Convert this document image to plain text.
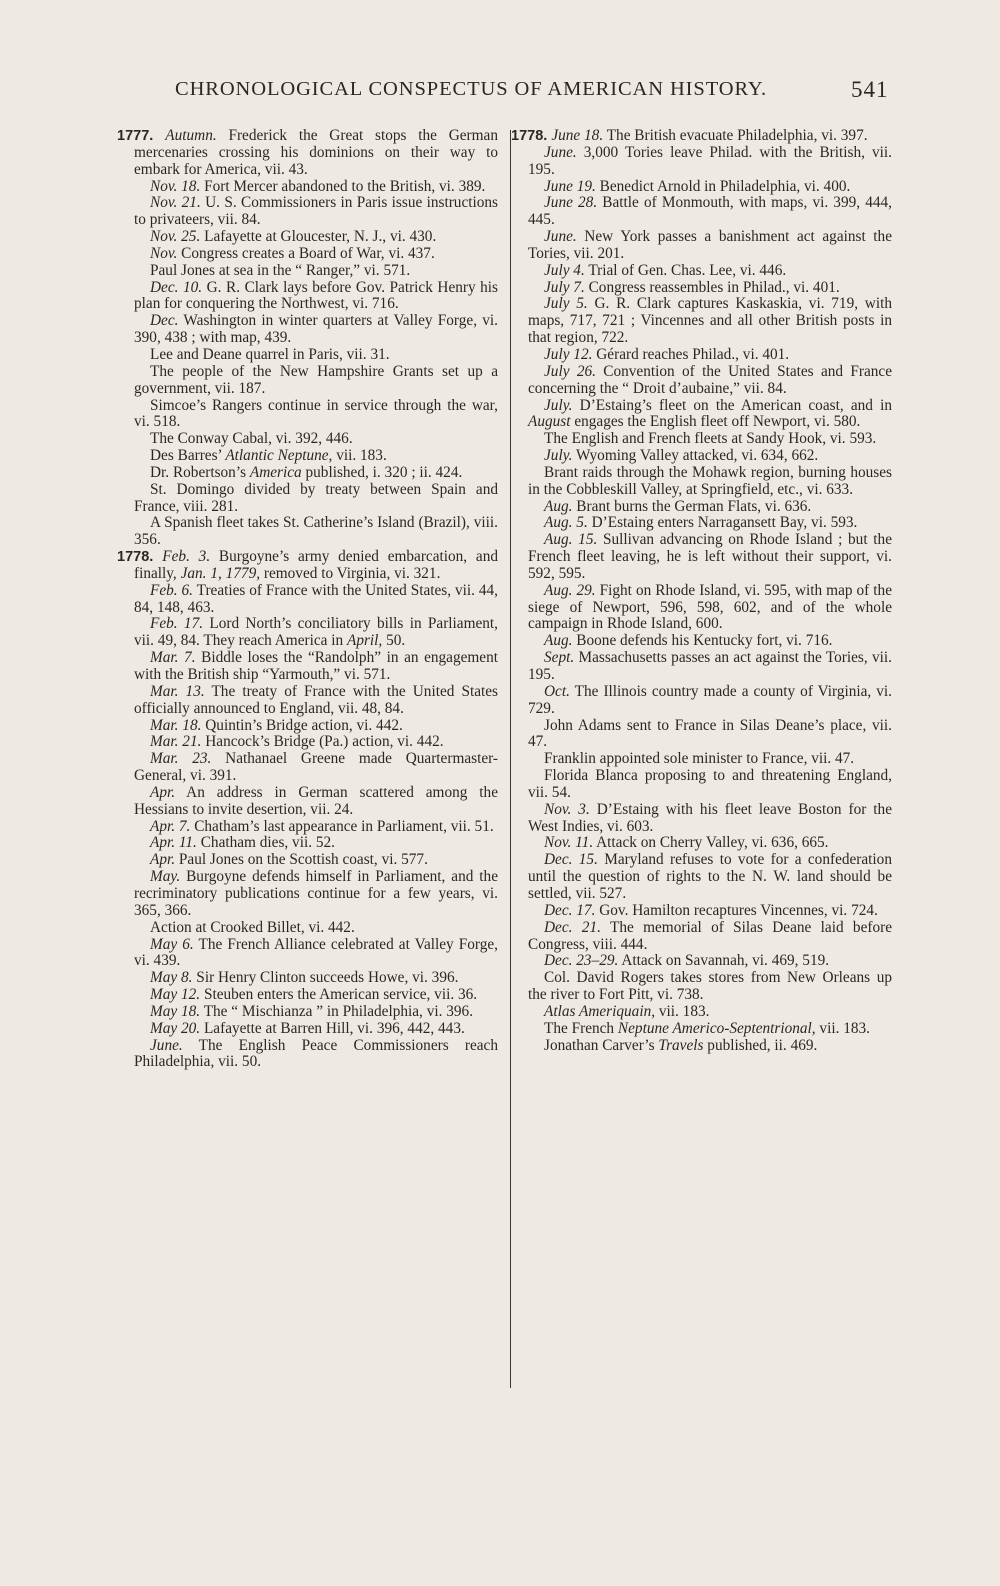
CHRONOLOGICAL CONSPECTUS OF AMERICAN HISTORY.	541

1777. Autumn. Frederick the Great stops the German mercenaries crossing his dominions on their way to embark for America, vii. 43.

Nov. 18. Fort Mercer abandoned to the British, vi. 389.

Nov. 21. U. S. Commissioners in Paris issue instructions to privateers, vii. 84.

Nov. 25. Lafayette at Gloucester, N. J., vi. 430.

Nov. Congress creates a Board of War, vi. 437.

Paul Jones at sea in the “ Ranger,” vi. 571.

Dec. 10. G. R. Clark lays before Gov. Patrick Henry his plan for conquering the Northwest, vi. 716.

Dec. Washington in winter quarters at Valley Forge, vi. 390, 438 ; with map, 439.

Lee and Deane quarrel in Paris, vii. 31.

The people of the New Hampshire Grants set up a government, vii. 187.

Simcoe’s Rangers continue in service through the war, vi. 518.

The Conway Cabal, vi. 392, 446.

Des Barres’ Atlantic Neptune, vii. 183.

Dr. Robertson’s America published, i. 320 ; ii. 424.

St. Domingo divided by treaty between Spain and France, viii. 281.

A Spanish fleet takes St. Catherine’s Island (Brazil), viii. 356.

1778. Feb. 3. Burgoyne’s army denied embarcation, and finally, Jan. 1, 1779, removed to Virginia, vi. 321.

Feb. 6. Treaties of France with the United States, vii. 44, 84, 148, 463.

Feb. 17. Lord North’s conciliatory bills in Parliament, vii. 49, 84. They reach America in April, 50.

Mar. 7. Biddle loses the “Randolph” in an engagement with the British ship “Yarmouth,” vi. 571.

Mar. 13. The treaty of France with the United States officially announced to England, vii. 48, 84.

Mar. 18. Quintin’s Bridge action, vi. 442.

Mar. 21. Hancock’s Bridge (Pa.) action, vi. 442.

Mar. 23. Nathanael Greene made Quartermaster-General, vi. 391.

Apr. An address in German scattered among the Hessians to invite desertion, vii. 24.

Apr. 7. Chatham’s last appearance in Parliament, vii. 51.

Apr. 11. Chatham dies, vii. 52.

Apr. Paul Jones on the Scottish coast, vi. 577.

May. Burgoyne defends himself in Parliament, and the recriminatory publications continue for a few years, vi. 365, 366.

Action at Crooked Billet, vi. 442.

May 6. The French Alliance celebrated at Valley Forge, vi. 439.

May 8. Sir Henry Clinton succeeds Howe, vi. 396.

May 12. Steuben enters the American service, vii. 36.

May 18. The “ Mischianza ” in Philadelphia, vi. 396.

May 20. Lafayette at Barren Hill, vi. 396, 442, 443.

June. The English Peace Commissioners reach Philadelphia, vii. 50.

1778. June 18. The British evacuate Philadelphia, vi. 397.

June. 3,000 Tories leave Philad. with the British, vii. 195.

June 19. Benedict Arnold in Philadelphia, vi. 400.

June 28. Battle of Monmouth, with maps, vi. 399, 444, 445.

June. New York passes a banishment act against the Tories, vii. 201.

July 4. Trial of Gen. Chas. Lee, vi. 446.

July 7. Congress reassembles in Philad., vi. 401.

July 5. G. R. Clark captures Kaskaskia, vi. 719, with maps, 717, 721 ; Vincennes and all other British posts in that region, 722.

July 12. Gérard reaches Philad., vi. 401.

July 26. Convention of the United States and France concerning the “ Droit d’aubaine,” vii. 84.

July. D’Estaing’s fleet on the American coast, and in August engages the English fleet off Newport, vi. 580.

The English and French fleets at Sandy Hook, vi. 593.

July. Wyoming Valley attacked, vi. 634, 662.

Brant raids through the Mohawk region, burning houses in the Cobbleskill Valley, at Springfield, etc., vi. 633.

Aug. Brant burns the German Flats, vi. 636.

Aug. 5. D’Estaing enters Narragansett Bay, vi. 593.

Aug. 15. Sullivan advancing on Rhode Island ; but the French fleet leaving, he is left without their support, vi. 592, 595.

Aug. 29. Fight on Rhode Island, vi. 595, with map of the siege of Newport, 596, 598, 602, and of the whole campaign in Rhode Island, 600.

Aug. Boone defends his Kentucky fort, vi. 716.

Sept. Massachusetts passes an act against the Tories, vii. 195.

Oct. The Illinois country made a county of Virginia, vi. 729.

John Adams sent to France in Silas Deane’s place, vii. 47.

Franklin appointed sole minister to France, vii. 47.

Florida Blanca proposing to and threatening England, vii. 54.

Nov. 3. D’Estaing with his fleet leave Boston for the West Indies, vi. 603.

Nov. 11. Attack on Cherry Valley, vi. 636, 665.

Dec. 15. Maryland refuses to vote for a confederation until the question of rights to the N. W. land should be settled, vii. 527.

Dec. 17. Gov. Hamilton recaptures Vincennes, vi. 724.

Dec. 21. The memorial of Silas Deane laid before Congress, viii. 444.

Dec. 23–29. Attack on Savannah, vi. 469, 519.

Col. David Rogers takes stores from New Orleans up the river to Fort Pitt, vi. 738.

Atlas Ameriquain, vii. 183.

The French Neptune Americo-Septentrional, vii. 183.

Jonathan Carver’s Travels published, ii. 469.
